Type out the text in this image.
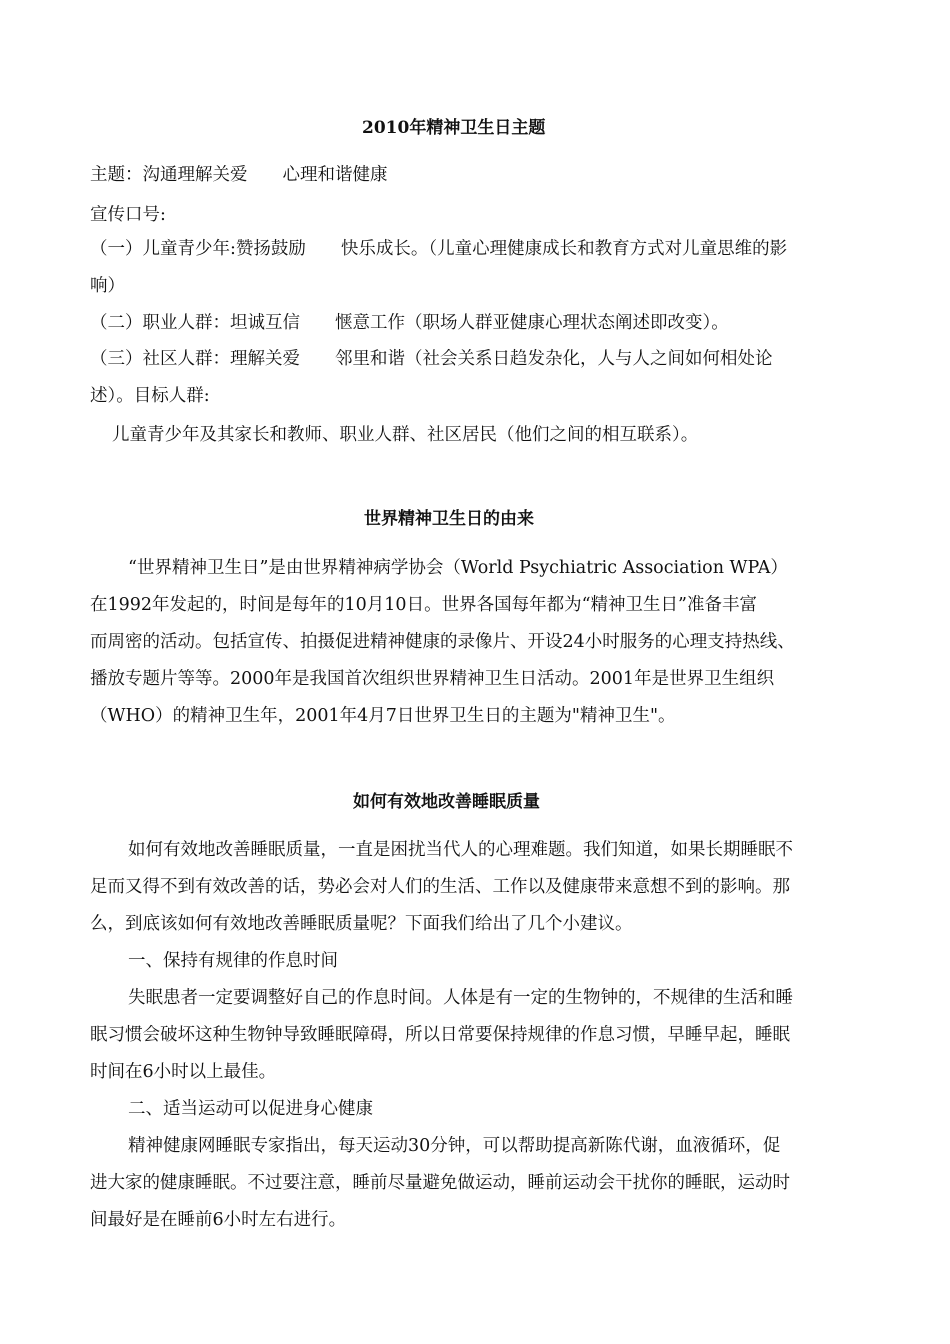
2010年精神卫生日主题
主题：沟通理解关爱　　心理和谐健康
宣传口号:
（一）儿童青少年:赞扬鼓励　　快乐成长。（儿童心理健康成长和教育方式对儿童思维的影
响）
（二）职业人群：坦诚互信　　惬意工作（职场人群亚健康心理状态阐述即改变）。
（三）社区人群：理解关爱　　邻里和谐（社会关系日趋发杂化，人与人之间如何相处论
述）。目标人群:
儿童青少年及其家长和教师、职业人群、社区居民（他们之间的相互联系）。
世界精神卫生日的由来
“世界精神卫生日”是由世界精神病学协会（World Psychiatric Association WPA）
在1992年发起的，时间是每年的10月10日。世界各国每年都为“精神卫生日”准备丰富
而周密的活动。包括宣传、拍摄促进精神健康的录像片、开设24小时服务的心理支持热线、
播放专题片等等。2000年是我国首次组织世界精神卫生日活动。2001年是世界卫生组织
（WHO）的精神卫生年，2001年4月7日世界卫生日的主题为"精神卫生"。
如何有效地改善睡眠质量
如何有效地改善睡眠质量，一直是困扰当代人的心理难题。我们知道，如果长期睡眠不
足而又得不到有效改善的话，势必会对人们的生活、工作以及健康带来意想不到的影响。那
么，到底该如何有效地改善睡眠质量呢？下面我们给出了几个小建议。
一、保持有规律的作息时间
失眠患者一定要调整好自己的作息时间。人体是有一定的生物钟的，不规律的生活和睡
眠习惯会破坏这种生物钟导致睡眠障碍，所以日常要保持规律的作息习惯，早睡早起，睡眠
时间在6小时以上最佳。
二、适当运动可以促进身心健康
精神健康网睡眠专家指出，每天运动30分钟，可以帮助提高新陈代谢，血液循环，促
进大家的健康睡眠。不过要注意，睡前尽量避免做运动，睡前运动会干扰你的睡眠，运动时
间最好是在睡前6小时左右进行。
